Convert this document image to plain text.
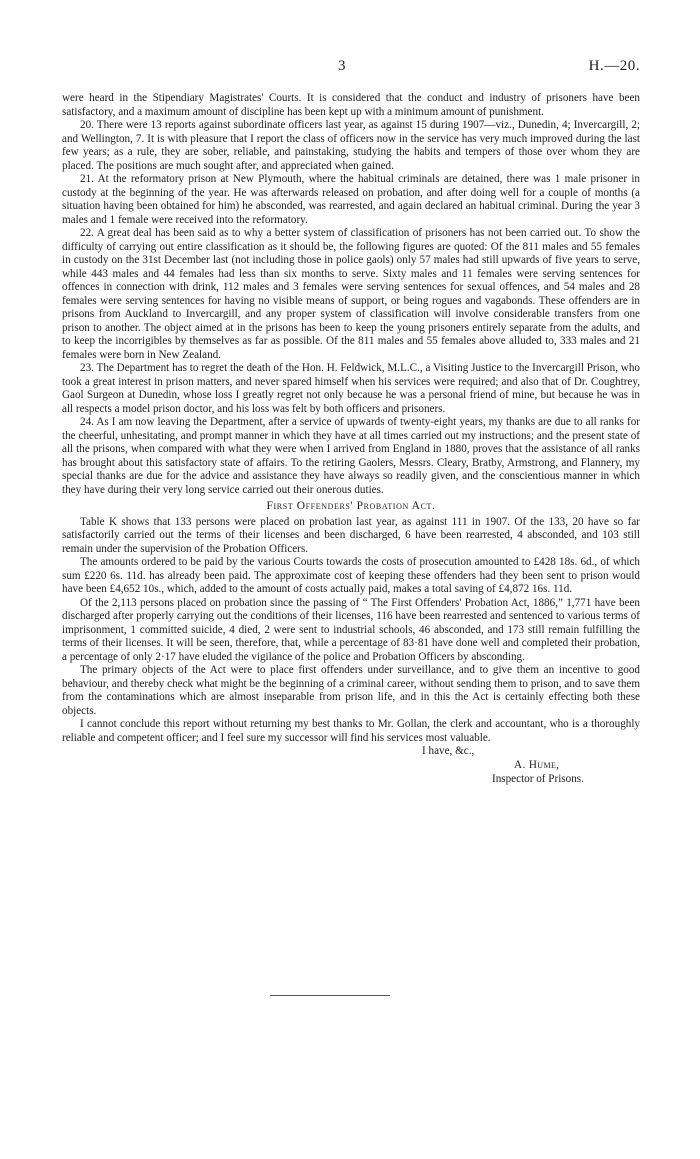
3	H.—20.

were heard in the Stipendiary Magistrates' Courts. It is considered that the conduct and industry of prisoners have been satisfactory, and a maximum amount of discipline has been kept up with a minimum amount of punishment.

20. There were 13 reports against subordinate officers last year, as against 15 during 1907—viz., Dunedin, 4; Invercargill, 2; and Wellington, 7. It is with pleasure that I report the class of officers now in the service has very much improved during the last few years; as a rule, they are sober, reliable, and painstaking, studying the habits and tempers of those over whom they are placed. The positions are much sought after, and appreciated when gained.

21. At the reformatory prison at New Plymouth, where the habitual criminals are detained, there was 1 male prisoner in custody at the beginning of the year. He was afterwards released on probation, and after doing well for a couple of months (a situation having been obtained for him) he absconded, was rearrested, and again declared an habitual criminal. During the year 3 males and 1 female were received into the reformatory.

22. A great deal has been said as to why a better system of classification of prisoners has not been carried out. To show the difficulty of carrying out entire classification as it should be, the following figures are quoted: Of the 811 males and 55 females in custody on the 31st December last (not including those in police gaols) only 57 males had still upwards of five years to serve, while 443 males and 44 females had less than six months to serve. Sixty males and 11 females were serving sentences for offences in connection with drink, 112 males and 3 females were serving sentences for sexual offences, and 54 males and 28 females were serving sentences for having no visible means of support, or being rogues and vagabonds. These offenders are in prisons from Auckland to Invercargill, and any proper system of classification will involve considerable transfers from one prison to another. The object aimed at in the prisons has been to keep the young prisoners entirely separate from the adults, and to keep the incorrigibles by themselves as far as possible. Of the 811 males and 55 females above alluded to, 333 males and 21 females were born in New Zealand.

23. The Department has to regret the death of the Hon. H. Feldwick, M.L.C., a Visiting Justice to the Invercargill Prison, who took a great interest in prison matters, and never spared himself when his services were required; and also that of Dr. Coughtrey, Gaol Surgeon at Dunedin, whose loss I greatly regret not only because he was a personal friend of mine, but because he was in all respects a model prison doctor, and his loss was felt by both officers and prisoners.

24. As I am now leaving the Department, after a service of upwards of twenty-eight years, my thanks are due to all ranks for the cheerful, unhesitating, and prompt manner in which they have at all times carried out my instructions; and the present state of all the prisons, when compared with what they were when I arrived from England in 1880, proves that the assistance of all ranks has brought about this satisfactory state of affairs. To the retiring Gaolers, Messrs. Cleary, Bratby, Armstrong, and Flannery, my special thanks are due for the advice and assistance they have always so readily given, and the conscientious manner in which they have during their very long service carried out their onerous duties.

First Offenders' Probation Act.

Table K shows that 133 persons were placed on probation last year, as against 111 in 1907. Of the 133, 20 have so far satisfactorily carried out the terms of their licenses and been discharged, 6 have been rearrested, 4 absconded, and 103 still remain under the supervision of the Probation Officers.

The amounts ordered to be paid by the various Courts towards the costs of prosecution amounted to £428 18s. 6d., of which sum £220 6s. 11d. has already been paid. The approximate cost of keeping these offenders had they been sent to prison would have been £4,652 10s., which, added to the amount of costs actually paid, makes a total saving of £4,872 16s. 11d.

Of the 2,113 persons placed on probation since the passing of “ The First Offenders' Probation Act, 1886,” 1,771 have been discharged after properly carrying out the conditions of their licenses, 116 have been rearrested and sentenced to various terms of imprisonment, 1 committed suicide, 4 died, 2 were sent to industrial schools, 46 absconded, and 173 still remain fulfilling the terms of their licenses. It will be seen, therefore, that, while a percentage of 83·81 have done well and completed their probation, a percentage of only 2·17 have eluded the vigilance of the police and Probation Officers by absconding.

The primary objects of the Act were to place first offenders under surveillance, and to give them an incentive to good behaviour, and thereby check what might be the beginning of a criminal career, without sending them to prison, and to save them from the contaminations which are almost inseparable from prison life, and in this the Act is certainly effecting both these objects.

I cannot conclude this report without returning my best thanks to Mr. Gollan, the clerk and accountant, who is a thoroughly reliable and competent officer; and I feel sure my successor will find his services most valuable.

I have, &c.,
A. Hume,
Inspector of Prisons.
